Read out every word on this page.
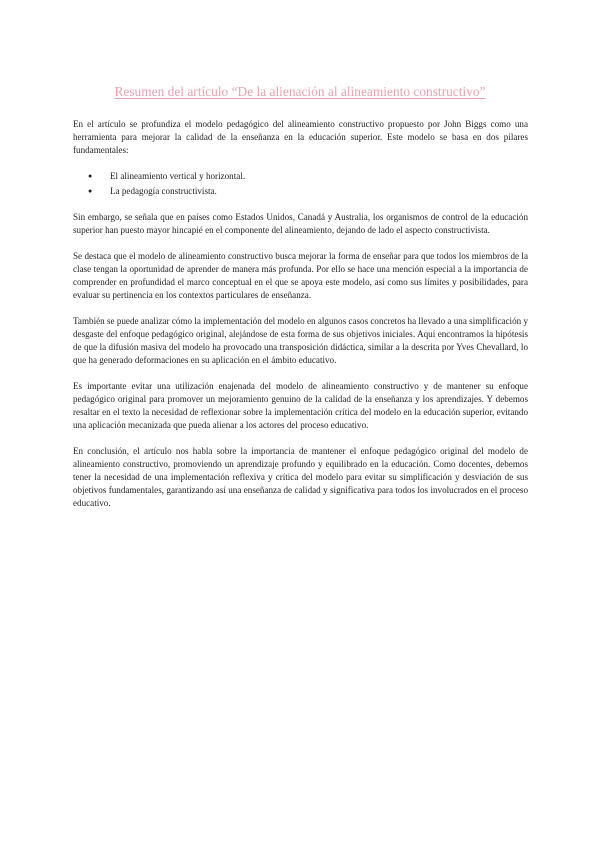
Resumen del artículo “De la alienación al alineamiento constructivo”

En el artículo se profundiza el modelo pedagógico del alineamiento constructivo propuesto por John Biggs como una herramienta para mejorar la calidad de la enseñanza en la educación superior. Este modelo se basa en dos pilares fundamentales:

● El alineamiento vertical y horizontal.
● La pedagogía constructivista.

Sin embargo, se señala que en países como Estados Unidos, Canadá y Australia, los organismos de control de la educación superior han puesto mayor hincapié en el componente del alineamiento, dejando de lado el aspecto constructivista.

Se destaca que el modelo de alineamiento constructivo busca mejorar la forma de enseñar para que todos los miembros de la clase tengan la oportunidad de aprender de manera más profunda. Por ello se hace una mención especial a la importancia de comprender en profundidad el marco conceptual en el que se apoya este modelo, así como sus límites y posibilidades, para evaluar su pertinencia en los contextos particulares de enseñanza.

También se puede analizar cómo la implementación del modelo en algunos casos concretos ha llevado a una simplificación y desgaste del enfoque pedagógico original, alejándose de esta forma de sus objetivos iniciales. Aquí encontramos la hipótesis de que la difusión masiva del modelo ha provocado una transposición didáctica, similar a la descrita por Yves Chevallard, lo que ha generado deformaciones en su aplicación en el ámbito educativo.

Es importante evitar una utilización enajenada del modelo de alineamiento constructivo y de mantener su enfoque pedagógico original para promover un mejoramiento genuino de la calidad de la enseñanza y los aprendizajes. Y debemos resaltar en el texto la necesidad de reflexionar sobre la implementación crítica del modelo en la educación superior, evitando una aplicación mecanizada que pueda alienar a los actores del proceso educativo.

En conclusión, el artículo nos habla sobre la importancia de mantener el enfoque pedagógico original del modelo de alineamiento constructivo, promoviendo un aprendizaje profundo y equilibrado en la educación. Como docentes, debemos tener la necesidad de una implementación reflexiva y crítica del modelo para evitar su simplificación y desviación de sus objetivos fundamentales, garantizando así una enseñanza de calidad y significativa para todos los involucrados en el proceso educativo.
